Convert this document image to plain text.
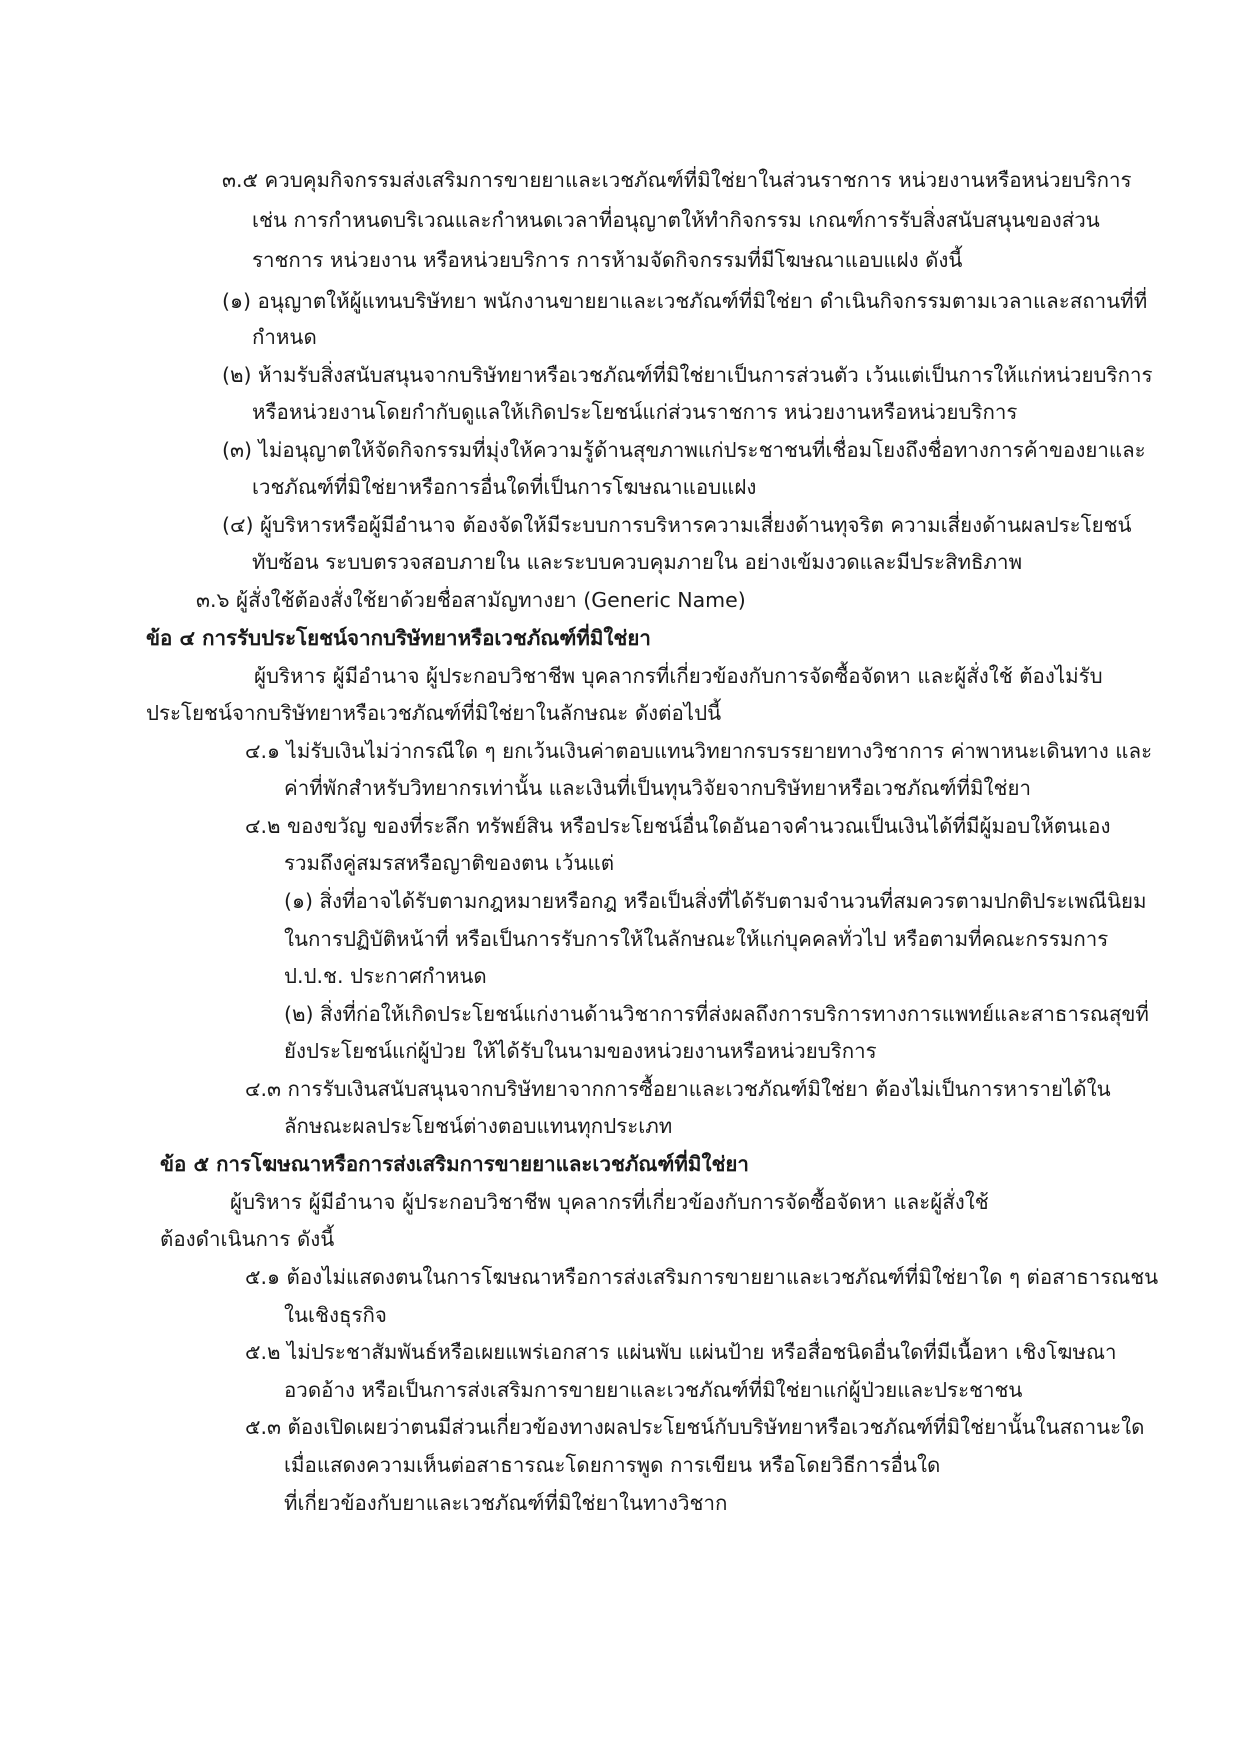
๓.๕ ควบคุมกิจกรรมส่งเสริมการขายยาและเวชภัณฑ์ที่มิใช่ยาในส่วนราชการ หน่วยงานหรือหน่วยบริการ
เช่น การกำหนดบริเวณและกำหนดเวลาที่อนุญาตให้ทำกิจกรรม เกณฑ์การรับสิ่งสนับสนุนของส่วน
ราชการ หน่วยงาน หรือหน่วยบริการ การห้ามจัดกิจกรรมที่มีโฆษณาแอบแฝง ดังนี้
(๑) อนุญาตให้ผู้แทนบริษัทยา พนักงานขายยาและเวชภัณฑ์ที่มิใช่ยา ดำเนินกิจกรรมตามเวลาและสถานที่ที่
กำหนด
(๒) ห้ามรับสิ่งสนับสนุนจากบริษัทยาหรือเวชภัณฑ์ที่มิใช่ยาเป็นการส่วนตัว เว้นแต่เป็นการให้แก่หน่วยบริการ
หรือหน่วยงานโดยกำกับดูแลให้เกิดประโยชน์แก่ส่วนราชการ หน่วยงานหรือหน่วยบริการ
(๓) ไม่อนุญาตให้จัดกิจกรรมที่มุ่งให้ความรู้ด้านสุขภาพแก่ประชาชนที่เชื่อมโยงถึงชื่อทางการค้าของยาและ
เวชภัณฑ์ที่มิใช่ยาหรือการอื่นใดที่เป็นการโฆษณาแอบแฝง
(๔) ผู้บริหารหรือผู้มีอำนาจ ต้องจัดให้มีระบบการบริหารความเสี่ยงด้านทุจริต ความเสี่ยงด้านผลประโยชน์
ทับซ้อน ระบบตรวจสอบภายใน และระบบควบคุมภายใน อย่างเข้มงวดและมีประสิทธิภาพ
๓.๖ ผู้สั่งใช้ต้องสั่งใช้ยาด้วยชื่อสามัญทางยา (Generic Name)
ข้อ ๔ การรับประโยชน์จากบริษัทยาหรือเวชภัณฑ์ที่มิใช่ยา
ผู้บริหาร ผู้มีอำนาจ ผู้ประกอบวิชาชีพ บุคลากรที่เกี่ยวข้องกับการจัดซื้อจัดหา และผู้สั่งใช้ ต้องไม่รับ
ประโยชน์จากบริษัทยาหรือเวชภัณฑ์ที่มิใช่ยาในลักษณะ ดังต่อไปนี้
๔.๑ ไม่รับเงินไม่ว่ากรณีใด ๆ ยกเว้นเงินค่าตอบแทนวิทยากรบรรยายทางวิชาการ ค่าพาหนะเดินทาง และ
ค่าที่พักสำหรับวิทยากรเท่านั้น และเงินที่เป็นทุนวิจัยจากบริษัทยาหรือเวชภัณฑ์ที่มิใช่ยา
๔.๒ ของขวัญ ของที่ระลึก ทรัพย์สิน หรือประโยชน์อื่นใดอันอาจคำนวณเป็นเงินได้ที่มีผู้มอบให้ตนเอง
รวมถึงคู่สมรสหรือญาติของตน เว้นแต่
(๑) สิ่งที่อาจได้รับตามกฎหมายหรือกฎ หรือเป็นสิ่งที่ได้รับตามจำนวนที่สมควรตามปกติประเพณีนิยม
ในการปฏิบัติหน้าที่ หรือเป็นการรับการให้ในลักษณะให้แก่บุคคลทั่วไป หรือตามที่คณะกรรมการ
ป.ป.ช. ประกาศกำหนด
(๒) สิ่งที่ก่อให้เกิดประโยชน์แก่งานด้านวิชาการที่ส่งผลถึงการบริการทางการแพทย์และสาธารณสุขที่
ยังประโยชน์แก่ผู้ป่วย ให้ได้รับในนามของหน่วยงานหรือหน่วยบริการ
๔.๓ การรับเงินสนับสนุนจากบริษัทยาจากการซื้อยาและเวชภัณฑ์มิใช่ยา ต้องไม่เป็นการหารายได้ใน
ลักษณะผลประโยชน์ต่างตอบแทนทุกประเภท
ข้อ ๕ การโฆษณาหรือการส่งเสริมการขายยาและเวชภัณฑ์ที่มิใช่ยา
ผู้บริหาร ผู้มีอำนาจ ผู้ประกอบวิชาชีพ บุคลากรที่เกี่ยวข้องกับการจัดซื้อจัดหา และผู้สั่งใช้
ต้องดำเนินการ ดังนี้
๕.๑ ต้องไม่แสดงตนในการโฆษณาหรือการส่งเสริมการขายยาและเวชภัณฑ์ที่มิใช่ยาใด ๆ ต่อสาธารณชน
ในเชิงธุรกิจ
๕.๒ ไม่ประชาสัมพันธ์หรือเผยแพร่เอกสาร แผ่นพับ แผ่นป้าย หรือสื่อชนิดอื่นใดที่มีเนื้อหา เชิงโฆษณา
อวดอ้าง หรือเป็นการส่งเสริมการขายยาและเวชภัณฑ์ที่มิใช่ยาแก่ผู้ป่วยและประชาชน
๕.๓ ต้องเปิดเผยว่าตนมีส่วนเกี่ยวข้องทางผลประโยชน์กับบริษัทยาหรือเวชภัณฑ์ที่มิใช่ยานั้นในสถานะใด
เมื่อแสดงความเห็นต่อสาธารณะโดยการพูด การเขียน หรือโดยวิธีการอื่นใด
ที่เกี่ยวข้องกับยาและเวชภัณฑ์ที่มิใช่ยาในทางวิชาก
